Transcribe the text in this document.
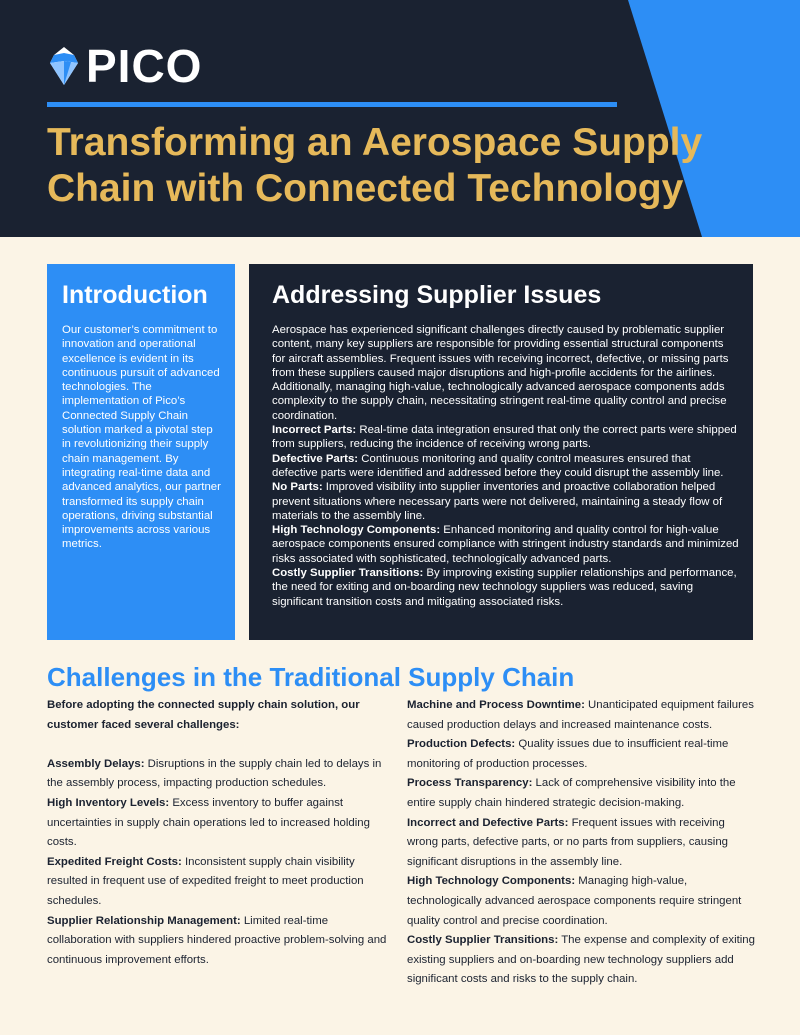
PICO
Transforming an Aerospace Supply Chain with Connected Technology
Introduction

Our customer’s commitment to innovation and operational excellence is evident in its continuous pursuit of advanced technologies. The implementation of Pico’s Connected Supply Chain solution marked a pivotal step in revolutionizing their supply chain management. By integrating real-time data and advanced analytics, our partner transformed its supply chain operations, driving substantial improvements across various metrics.

Addressing Supplier Issues

Aerospace has experienced significant challenges directly caused by problematic supplier content, many key suppliers are responsible for providing essential structural components for aircraft assemblies. Frequent issues with receiving incorrect, defective, or missing parts from these suppliers caused major disruptions and high-profile accidents for the airlines. Additionally, managing high-value, technologically advanced aerospace components adds complexity to the supply chain, necessitating stringent real-time quality control and precise coordination.

Incorrect Parts: Real-time data integration ensured that only the correct parts were shipped from suppliers, reducing the incidence of receiving wrong parts.

Defective Parts: Continuous monitoring and quality control measures ensured that defective parts were identified and addressed before they could disrupt the assembly line.

No Parts: Improved visibility into supplier inventories and proactive collaboration helped prevent situations where necessary parts were not delivered, maintaining a steady flow of materials to the assembly line.

High Technology Components: Enhanced monitoring and quality control for high-value aerospace components ensured compliance with stringent industry standards and minimized risks associated with sophisticated, technologically advanced parts.

Costly Supplier Transitions: By improving existing supplier relationships and performance, the need for exiting and on-boarding new technology suppliers was reduced, saving significant transition costs and mitigating associated risks.

Challenges in the Traditional Supply Chain

Before adopting the connected supply chain solution, our customer faced several challenges:

Assembly Delays: Disruptions in the supply chain led to delays in the assembly process, impacting production schedules.

High Inventory Levels: Excess inventory to buffer against uncertainties in supply chain operations led to increased holding costs.

Expedited Freight Costs: Inconsistent supply chain visibility resulted in frequent use of expedited freight to meet production schedules.

Supplier Relationship Management: Limited real-time collaboration with suppliers hindered proactive problem-solving and continuous improvement efforts.

Machine and Process Downtime: Unanticipated equipment failures caused production delays and increased maintenance costs.

Production Defects: Quality issues due to insufficient real-time monitoring of production processes.

Process Transparency: Lack of comprehensive visibility into the entire supply chain hindered strategic decision-making.

Incorrect and Defective Parts: Frequent issues with receiving wrong parts, defective parts, or no parts from suppliers, causing significant disruptions in the assembly line.

High Technology Components: Managing high-value, technologically advanced aerospace components require stringent quality control and precise coordination.

Costly Supplier Transitions: The expense and complexity of exiting existing suppliers and on-boarding new technology suppliers add significant costs and risks to the supply chain.
